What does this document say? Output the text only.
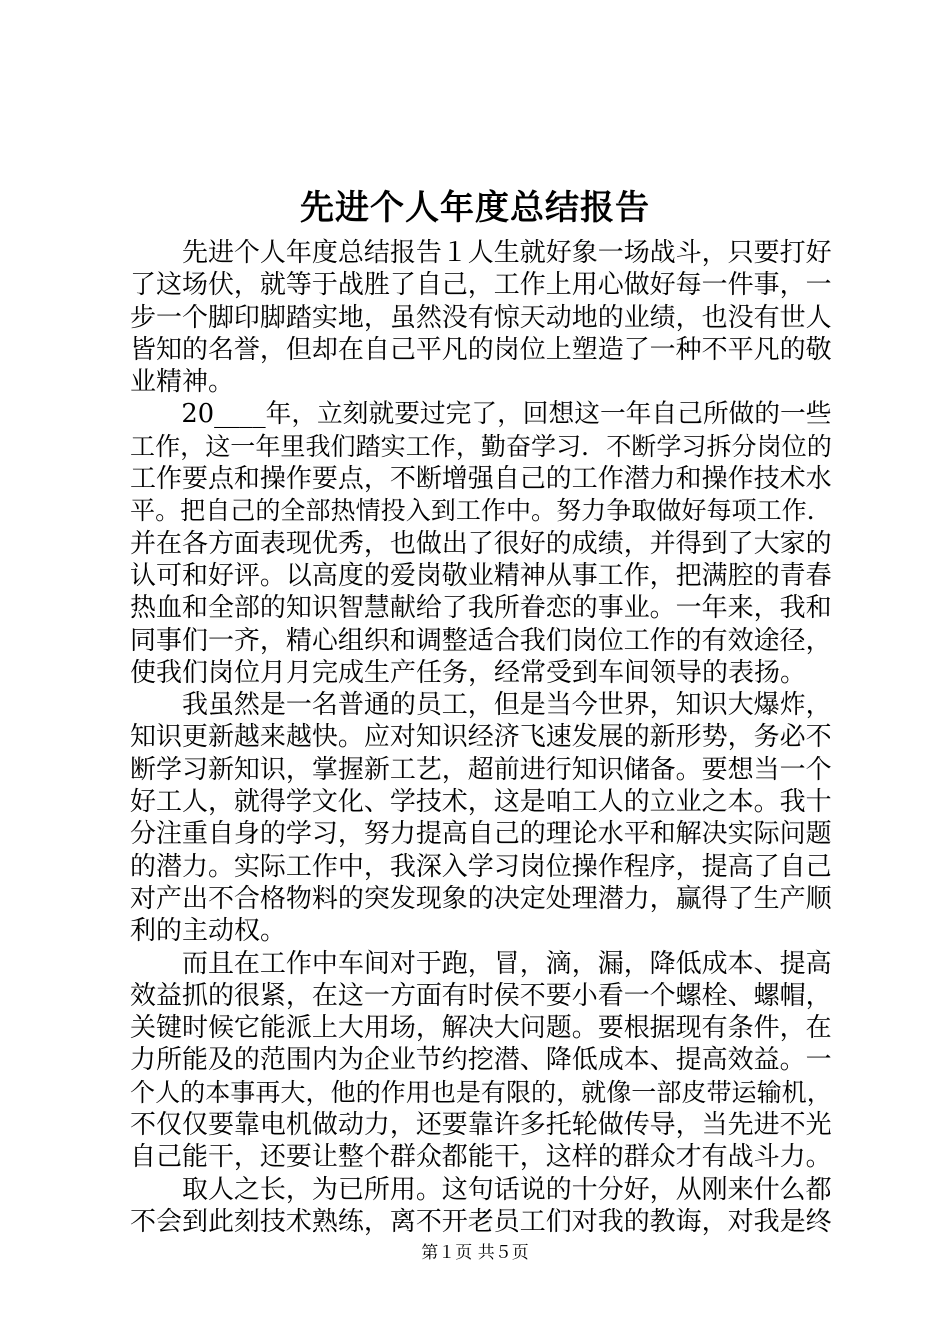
先进个人年度总结报告
　　先进个人年度总结报告１人生就好象一场战斗，只要打好
了这场伏，就等于战胜了自己，工作上用心做好每一件事，一
步一个脚印脚踏实地，虽然没有惊天动地的业绩，也没有世人
皆知的名誉，但却在自己平凡的岗位上塑造了一种不平凡的敬
业精神。
　　20____年，立刻就要过完了，回想这一年自己所做的一些
工作，这一年里我们踏实工作，勤奋学习．不断学习拆分岗位的
工作要点和操作要点，不断增强自己的工作潜力和操作技术水
平。把自己的全部热情投入到工作中。努力争取做好每项工作．
并在各方面表现优秀，也做出了很好的成绩，并得到了大家的
认可和好评。以高度的爱岗敬业精神从事工作，把满腔的青春
热血和全部的知识智慧献给了我所眷恋的事业。一年来，我和
同事们一齐，精心组织和调整适合我们岗位工作的有效途径，
使我们岗位月月完成生产任务，经常受到车间领导的表扬。
　　我虽然是一名普通的员工，但是当今世界，知识大爆炸，
知识更新越来越快。应对知识经济飞速发展的新形势，务必不
断学习新知识，掌握新工艺，超前进行知识储备。要想当一个
好工人，就得学文化、学技术，这是咱工人的立业之本。我十
分注重自身的学习，努力提高自己的理论水平和解决实际问题
的潜力。实际工作中，我深入学习岗位操作程序，提高了自己
对产出不合格物料的突发现象的决定处理潜力，赢得了生产顺
利的主动权。
　　而且在工作中车间对于跑，冒，滴，漏，降低成本、提高
效益抓的很紧，在这一方面有时侯不要小看一个螺栓、螺帽，
关键时候它能派上大用场，解决大问题。要根据现有条件，在
力所能及的范围内为企业节约挖潜、降低成本、提高效益。一
个人的本事再大，他的作用也是有限的，就像一部皮带运输机，
不仅仅要靠电机做动力，还要靠许多托轮做传导，当先进不光
自己能干，还要让整个群众都能干，这样的群众才有战斗力。
　　取人之长，为已所用。这句话说的十分好，从刚来什么都
不会到此刻技术熟练，离不开老员工们对我的教诲，对我是终
第１页 共５页
